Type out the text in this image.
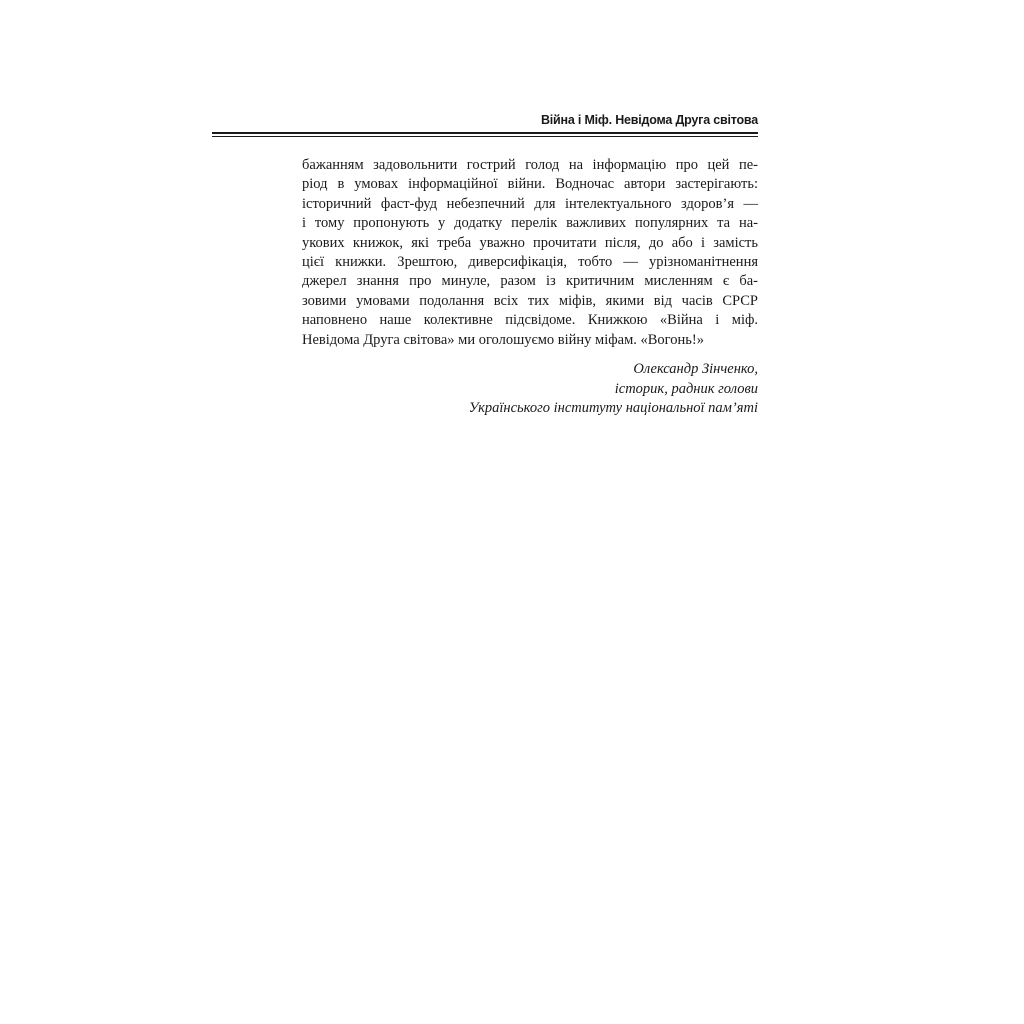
Війна і Міф. Невідома Друга світова
бажанням задовольнити гострий голод на інформацію про цей пе-
ріод в умовах інформаційної війни. Водночас автори застерігають:
історичний фаст-фуд небезпечний для інтелектуального здоров’я —
і тому пропонують у додатку перелік важливих популярних та на-
укових книжок, які треба уважно прочитати після, до або і замість
цієї книжки. Зрештою, диверсифікація, тобто — урізноманітнення
джерел знання про минуле, разом із критичним мисленням є ба-
зовими умовами подолання всіх тих міфів, якими від часів СРСР
наповнено наше колективне підсвідоме. Книжкою «Війна і міф.
Невідома Друга світова» ми оголошуємо війну міфам. «Вогонь!»
Олександр Зінченко,
історик, радник голови
Українського інституту національної пам’яті
